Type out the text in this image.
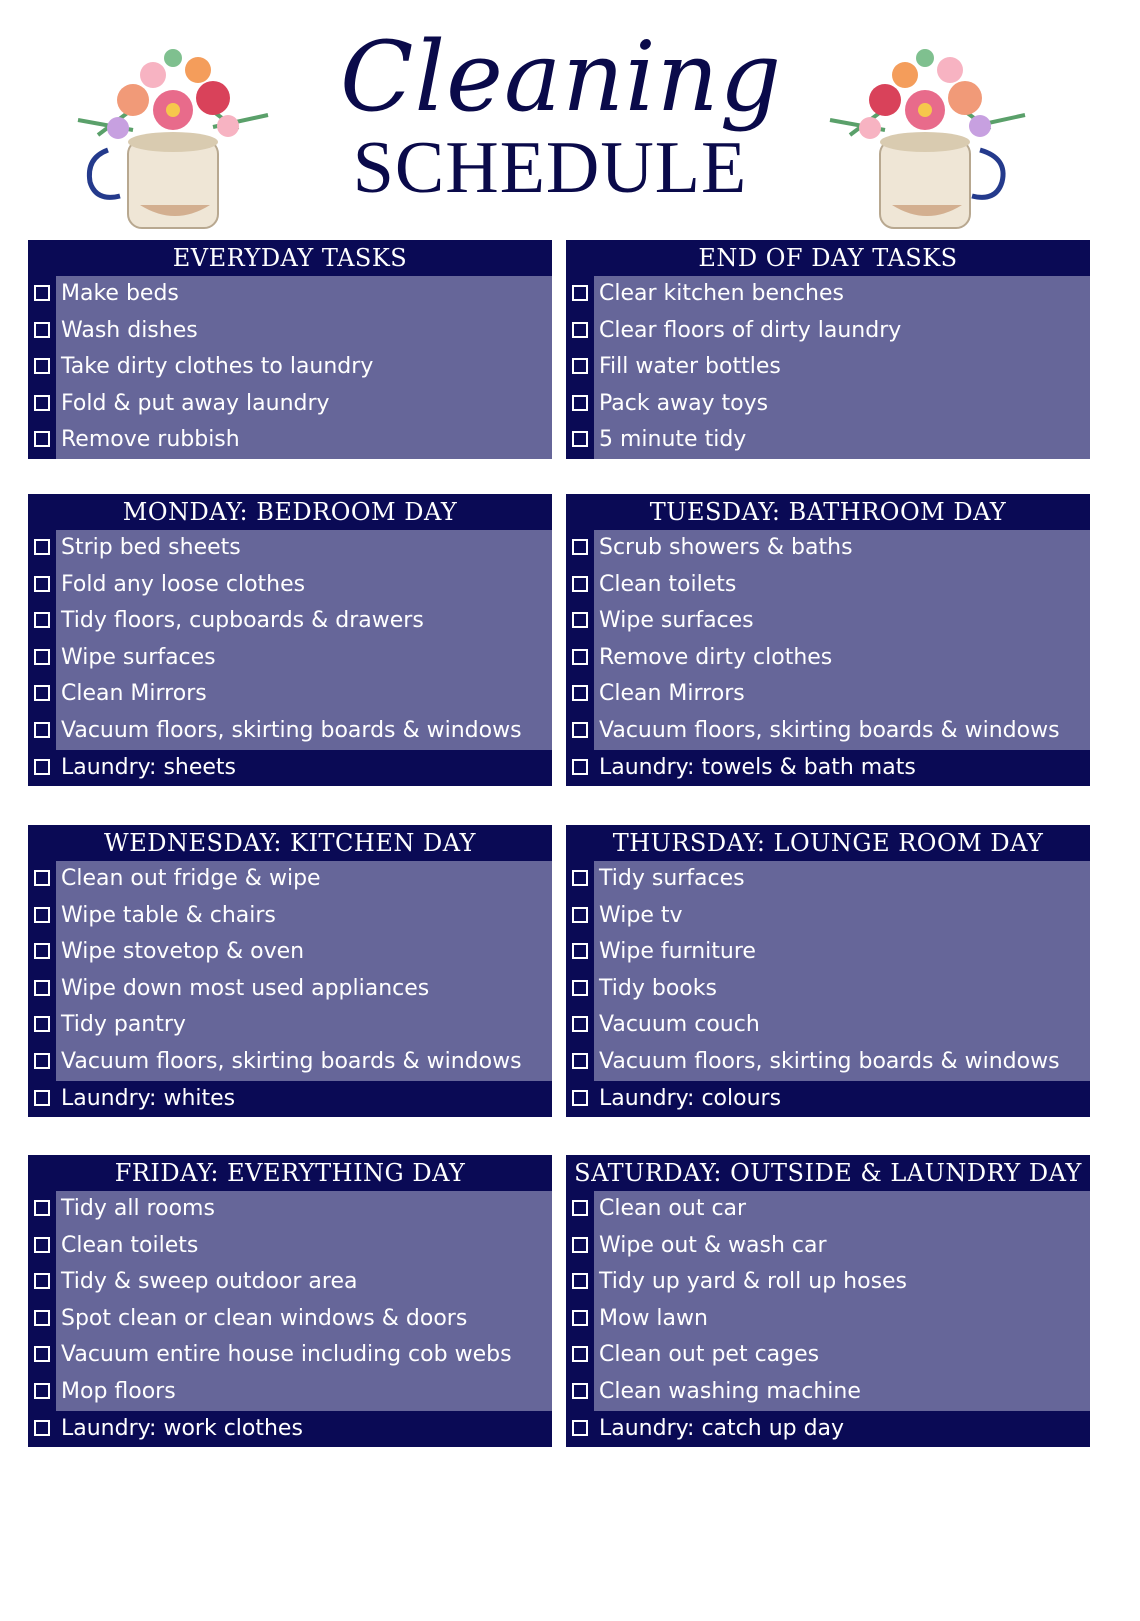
Cleaning
SCHEDULE
EVERYDAY TASKS
Make beds
Wash dishes
Take dirty clothes to laundry
Fold & put away laundry
Remove rubbish
END OF DAY TASKS
Clear kitchen benches
Clear floors of dirty laundry
Fill water bottles
Pack away toys
5 minute tidy
MONDAY: BEDROOM DAY
Strip bed sheets
Fold any loose clothes
Tidy floors, cupboards & drawers
Wipe surfaces
Clean Mirrors
Vacuum floors, skirting boards & windows
Laundry: sheets
TUESDAY: BATHROOM DAY
Scrub showers & baths
Clean toilets
Wipe surfaces
Remove dirty clothes
Clean Mirrors
Vacuum floors, skirting boards & windows
Laundry: towels & bath mats
WEDNESDAY: KITCHEN DAY
Clean out fridge & wipe
Wipe table & chairs
Wipe stovetop & oven
Wipe down most used appliances
Tidy pantry
Vacuum floors, skirting boards & windows
Laundry: whites
THURSDAY: LOUNGE ROOM DAY
Tidy surfaces
Wipe tv
Wipe furniture
Tidy books
Vacuum couch
Vacuum floors, skirting boards & windows
Laundry: colours
FRIDAY: EVERYTHING DAY
Tidy all rooms
Clean toilets
Tidy & sweep outdoor area
Spot clean or clean windows & doors
Vacuum entire house including cob webs
Mop floors
Laundry: work clothes
SATURDAY: OUTSIDE & LAUNDRY DAY
Clean out car
Wipe out & wash car
Tidy up yard & roll up hoses
Mow lawn
Clean out pet cages
Clean washing machine
Laundry: catch up day
